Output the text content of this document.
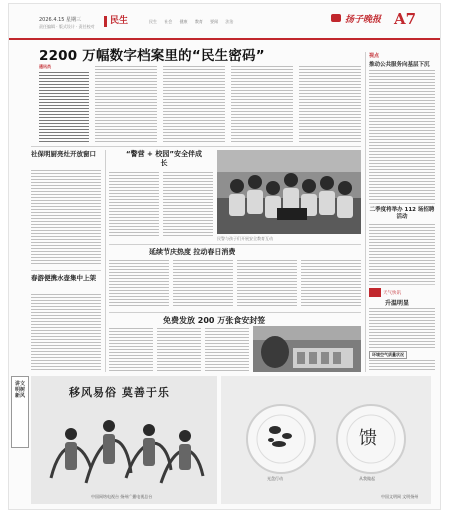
2026.4.15 星期三
责任编辑 · 版式设计 · 责任校对
民生	民生 社会 健康 教育 要闻 法治	扬子晚报 A7
2200 万幅数字档案里的“民生密码”
通讯员
社保明厨亮灶开放窗口
春游便携水壶集中上架
“警营 + 校园”安全伴成长
民警与孩子们开展安全教育互动
延续节庆热度 拉动春日消费
免费发放 200 万张食安封签
视点
推动公共服务向基层下沉
二季度将举办 112 场招聘活动
天气快讯
升温明显
环境空气质量状况
讲文明树新风	移风易俗 莫善于乐
中国网络电视台 扬州广播电视总台
馈
光盘行动	从我做起
中国文明网 文明扬州
